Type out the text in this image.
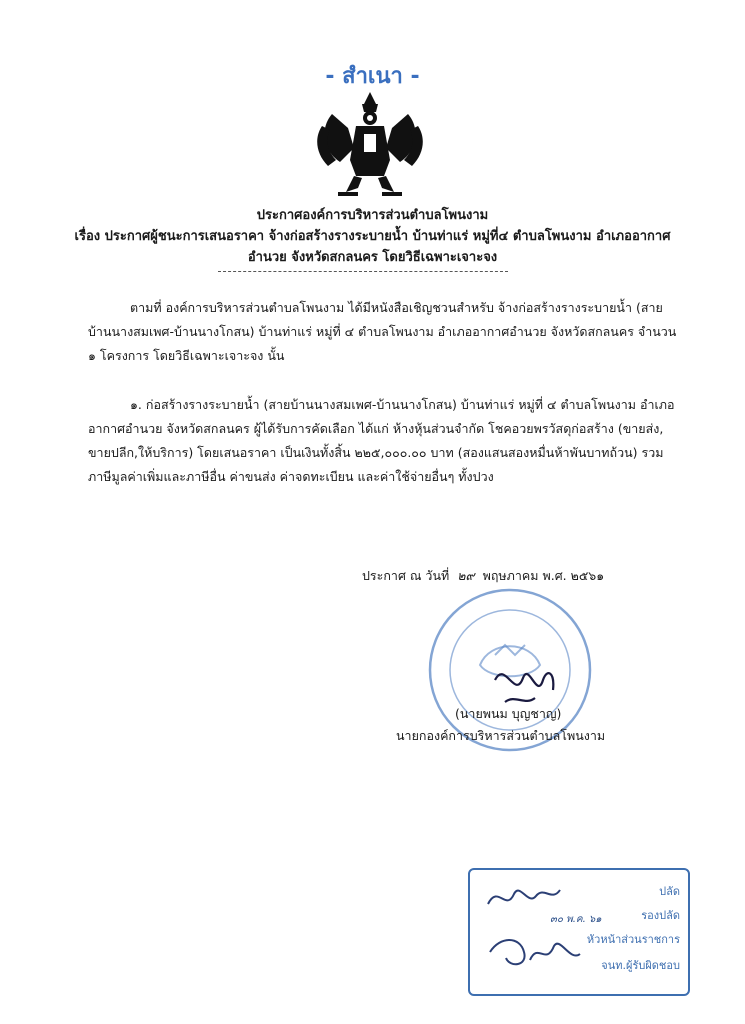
- สำเนา -
ประกาศองค์การบริหารส่วนตำบลโพนงาม
เรื่อง ประกาศผู้ชนะการเสนอราคา จ้างก่อสร้างรางระบายน้ำ บ้านท่าแร่ หมู่ที่๔ ตำบลโพนงาม อำเภออากาศ
อำนวย จังหวัดสกลนคร โดยวิธีเฉพาะเจาะจง
ตามที่ องค์การบริหารส่วนตำบลโพนงาม ได้มีหนังสือเชิญชวนสำหรับ จ้างก่อสร้างรางระบายน้ำ (สายบ้านนางสมเพศ-บ้านนางโกสน) บ้านท่าแร่ หมู่ที่ ๔ ตำบลโพนงาม อำเภออากาศอำนวย จังหวัดสกลนคร จำนวน ๑ โครงการ โดยวิธีเฉพาะเจาะจง นั้น
๑. ก่อสร้างรางระบายน้ำ (สายบ้านนางสมเพศ-บ้านนางโกสน) บ้านท่าแร่ หมู่ที่ ๔ ตำบลโพนงาม อำเภออากาศอำนวย จังหวัดสกลนคร ผู้ได้รับการคัดเลือก ได้แก่ ห้างหุ้นส่วนจำกัด โชคอวยพรวัสดุก่อสร้าง (ขายส่ง, ขายปลีก,ให้บริการ) โดยเสนอราคา เป็นเงินทั้งสิ้น ๒๒๕,๐๐๐.๐๐ บาท (สองแสนสองหมื่นห้าพันบาทถ้วน) รวมภาษีมูลค่าเพิ่มและภาษีอื่น ค่าขนส่ง ค่าจดทะเบียน และค่าใช้จ่ายอื่นๆ ทั้งปวง
ประกาศ ณ วันที่ ๒๙ พฤษภาคม พ.ศ. ๒๕๖๑
(นายพนม บุญชาญ)
นายกองค์การบริหารส่วนตำบลโพนงาม
๓๐ พ.ค. ๖๑
ปลัด
รองปลัด
หัวหน้าส่วนราชการ
จนท.ผู้รับผิดชอบ
